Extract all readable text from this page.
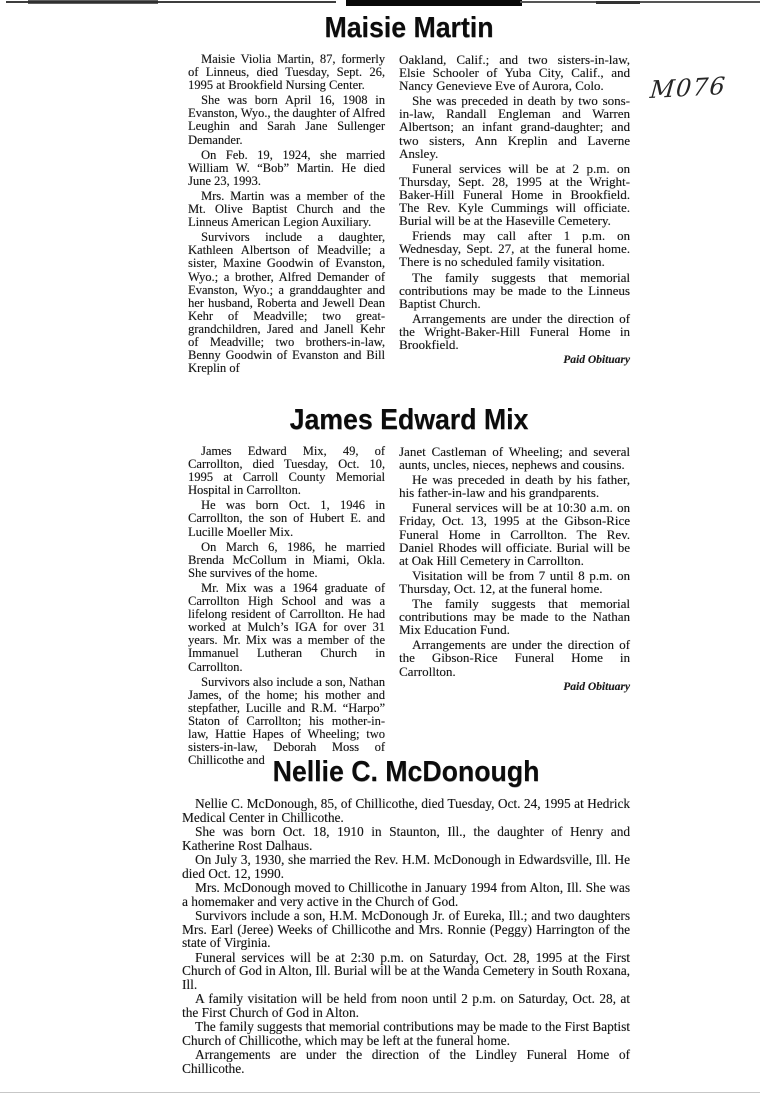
M076
Maisie Martin

Maisie Violia Martin, 87, formerly of Linneus, died Tuesday, Sept. 26, 1995 at Brookfield Nursing Center.

She was born April 16, 1908 in Evanston, Wyo., the daughter of Alfred Leughin and Sarah Jane Sullenger Demander.

On Feb. 19, 1924, she married William W. “Bob” Martin. He died June 23, 1993.

Mrs. Martin was a member of the Mt. Olive Baptist Church and the Linneus American Legion Auxiliary.

Survivors include a daughter, Kathleen Albertson of Meadville; a sister, Maxine Goodwin of Evanston, Wyo.; a brother, Alfred Demander of Evanston, Wyo.; a granddaughter and her husband, Roberta and Jewell Dean Kehr of Meadville; two great-grandchildren, Jared and Janell Kehr of Meadville; two brothers-in-law, Benny Goodwin of Evanston and Bill Kreplin of

Oakland, Calif.; and two sisters-in-law, Elsie Schooler of Yuba City, Calif., and Nancy Genevieve Eve of Aurora, Colo.

She was preceded in death by two sons-in-law, Randall Engleman and Warren Albertson; an infant grand-daughter; and two sisters, Ann Kreplin and Laverne Ansley.

Funeral services will be at 2 p.m. on Thursday, Sept. 28, 1995 at the Wright-Baker-Hill Funeral Home in Brookfield. The Rev. Kyle Cummings will officiate. Burial will be at the Haseville Cemetery.

Friends may call after 1 p.m. on Wednesday, Sept. 27, at the funeral home. There is no scheduled family visitation.

The family suggests that memorial contributions may be made to the Linneus Baptist Church.

Arrangements are under the direction of the Wright-Baker-Hill Funeral Home in Brookfield.

Paid Obituary

James Edward Mix

James Edward Mix, 49, of Carrollton, died Tuesday, Oct. 10, 1995 at Carroll County Memorial Hospital in Carrollton.

He was born Oct. 1, 1946 in Carrollton, the son of Hubert E. and Lucille Moeller Mix.

On March 6, 1986, he married Brenda McCollum in Miami, Okla. She survives of the home.

Mr. Mix was a 1964 graduate of Carrollton High School and was a lifelong resident of Carrollton. He had worked at Mulch’s IGA for over 31 years. Mr. Mix was a member of the Immanuel Lutheran Church in Carrollton.

Survivors also include a son, Nathan James, of the home; his mother and stepfather, Lucille and R.M. “Harpo” Staton of Carrollton; his mother-in-law, Hattie Hapes of Wheeling; two sisters-in-law, Deborah Moss of Chillicothe and

Janet Castleman of Wheeling; and several aunts, uncles, nieces, nephews and cousins.

He was preceded in death by his father, his father-in-law and his grandparents.

Funeral services will be at 10:30 a.m. on Friday, Oct. 13, 1995 at the Gibson-Rice Funeral Home in Carrollton. The Rev. Daniel Rhodes will officiate. Burial will be at Oak Hill Cemetery in Carrollton.

Visitation will be from 7 until 8 p.m. on Thursday, Oct. 12, at the funeral home.

The family suggests that memorial contributions may be made to the Nathan Mix Education Fund.

Arrangements are under the direction of the Gibson-Rice Funeral Home in Carrollton.

Paid Obituary

Nellie C. McDonough

Nellie C. McDonough, 85, of Chillicothe, died Tuesday, Oct. 24, 1995 at Hedrick Medical Center in Chillicothe.

She was born Oct. 18, 1910 in Staunton, Ill., the daughter of Henry and Katherine Rost Dalhaus.

On July 3, 1930, she married the Rev. H.M. McDonough in Edwardsville, Ill. He died Oct. 12, 1990.

Mrs. McDonough moved to Chillicothe in January 1994 from Alton, Ill. She was a homemaker and very active in the Church of God.

Survivors include a son, H.M. McDonough Jr. of Eureka, Ill.; and two daughters Mrs. Earl (Jeree) Weeks of Chillicothe and Mrs. Ronnie (Peggy) Harrington of the state of Virginia.

Funeral services will be at 2:30 p.m. on Saturday, Oct. 28, 1995 at the First Church of God in Alton, Ill. Burial will be at the Wanda Cemetery in South Roxana, Ill.

A family visitation will be held from noon until 2 p.m. on Saturday, Oct. 28, at the First Church of God in Alton.

The family suggests that memorial contributions may be made to the First Baptist Church of Chillicothe, which may be left at the funeral home.

Arrangements are under the direction of the Lindley Funeral Home of Chillicothe.
